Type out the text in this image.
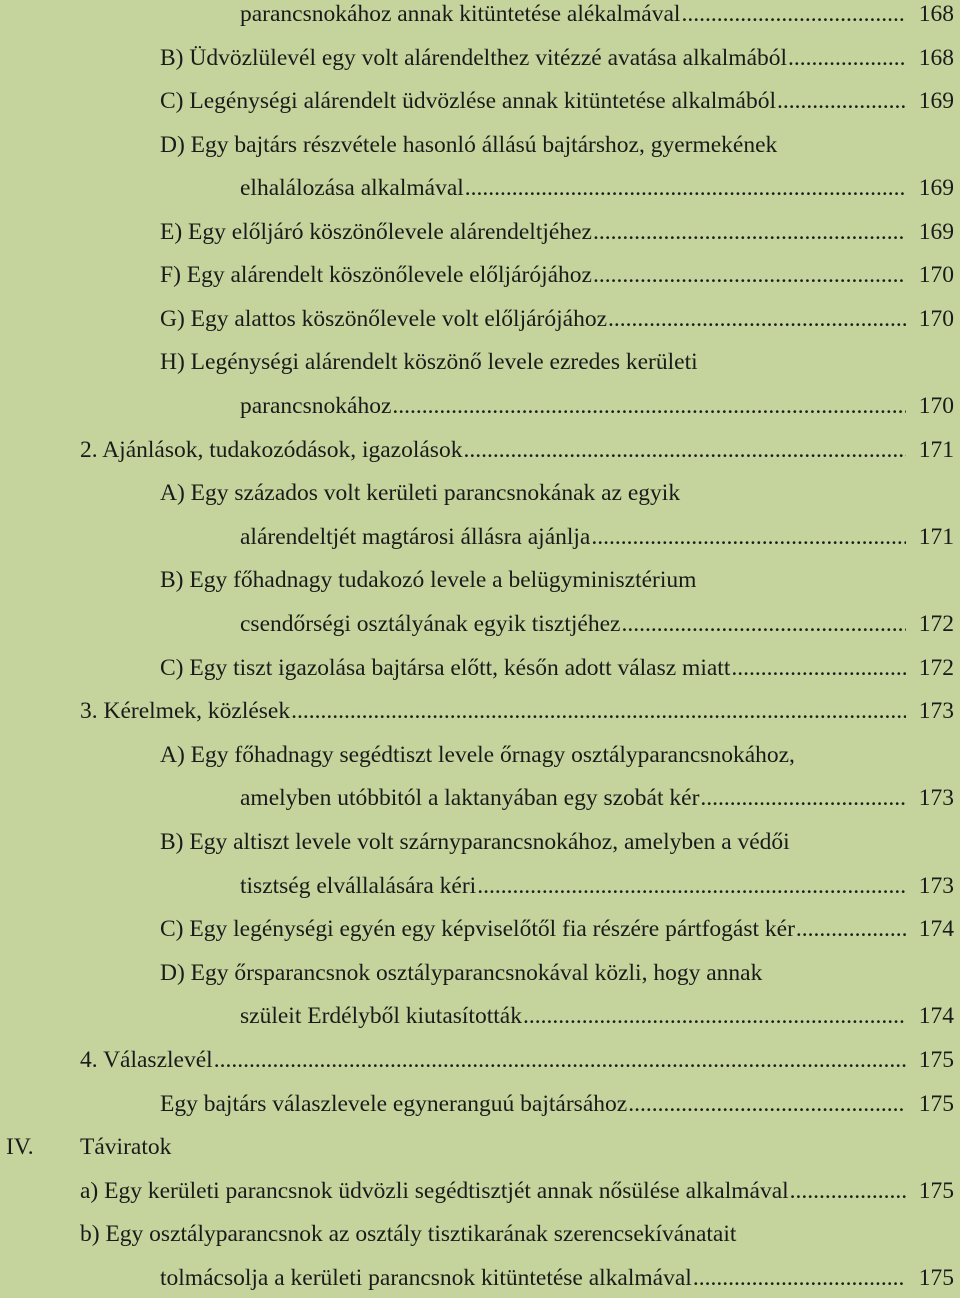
parancsnokához annak kitüntetése alékalmával .....	168
B) Üdvözlülevél egy volt alárendelthez vitézzé avatása alkalmából .....	168
C) Legénységi alárendelt üdvözlése annak kitüntetése alkalmából .....	169
D) Egy bajtárs részvétele hasonló állású bajtárshoz, gyermekének
elhalálozása alkalmával .....	169
E) Egy előljáró köszönőlevele alárendeltjéhez .....	169
F) Egy alárendelt köszönőlevele előljárójához .....	170
G) Egy alattos köszönőlevele volt előljárójához .....	170
H) Legénységi alárendelt köszönő levele ezredes kerületi
parancsnokához .....	170
2. Ajánlások, tudakozódások, igazolások .....	171
A) Egy százados volt kerületi parancsnokának az egyik
alárendeltjét magtárosi állásra ajánlja .....	171
B) Egy főhadnagy tudakozó levele a belügyminisztérium
csendőrségi osztályának egyik tisztjéhez .....	172
C) Egy tiszt igazolása bajtársa előtt, későn adott válasz miatt .....	172
3. Kérelmek, közlések .....	173
A) Egy főhadnagy segédtiszt levele őrnagy osztályparancsnokához,
amelyben utóbbitól a laktanyában egy szobát kér .....	173
B) Egy altiszt levele volt szárnyparancsnokához, amelyben a védői
tisztség elvállalására kéri .....	173
C) Egy legénységi egyén egy képviselőtől fia részére pártfogást kér .....	174
D) Egy őrsparancsnok osztályparancsnokával közli, hogy annak
szüleit Erdélyből kiutasították .....	174
4. Válaszlevél .....	175
Egy bajtárs válaszlevele egyneranguú bajtársához .....	175
IV. Táviratok
a) Egy kerületi parancsnok üdvözli segédtisztjét annak nősülése alkalmával .....	175
b) Egy osztályparancsnok az osztály tisztikarának szerencsekívánatait
tolmácsolja a kerületi parancsnok kitüntetése alkalmával .....	175
